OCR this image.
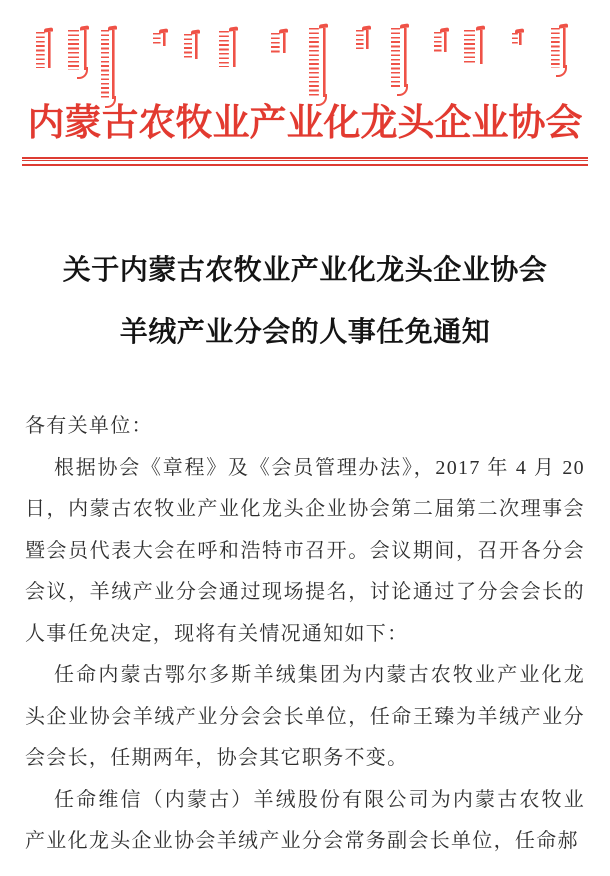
内蒙古农牧业产业化龙头企业协会
关于内蒙古农牧业产业化龙头企业协会
羊绒产业分会的人事任免通知

各有关单位：

根据协会《章程》及《会员管理办法》，2017 年 4 月 20 日，内蒙古农牧业产业化龙头企业协会第二届第二次理事会暨会员代表大会在呼和浩特市召开。会议期间，召开各分会会议，羊绒产业分会通过现场提名，讨论通过了分会会长的人事任免决定，现将有关情况通知如下：

任命内蒙古鄂尔多斯羊绒集团为内蒙古农牧业产业化龙头企业协会羊绒产业分会会长单位，任命王臻为羊绒产业分会会长，任期两年，协会其它职务不变。

任命维信（内蒙古）羊绒股份有限公司为内蒙古农牧业产业化龙头企业协会羊绒产业分会常务副会长单位，任命郝
